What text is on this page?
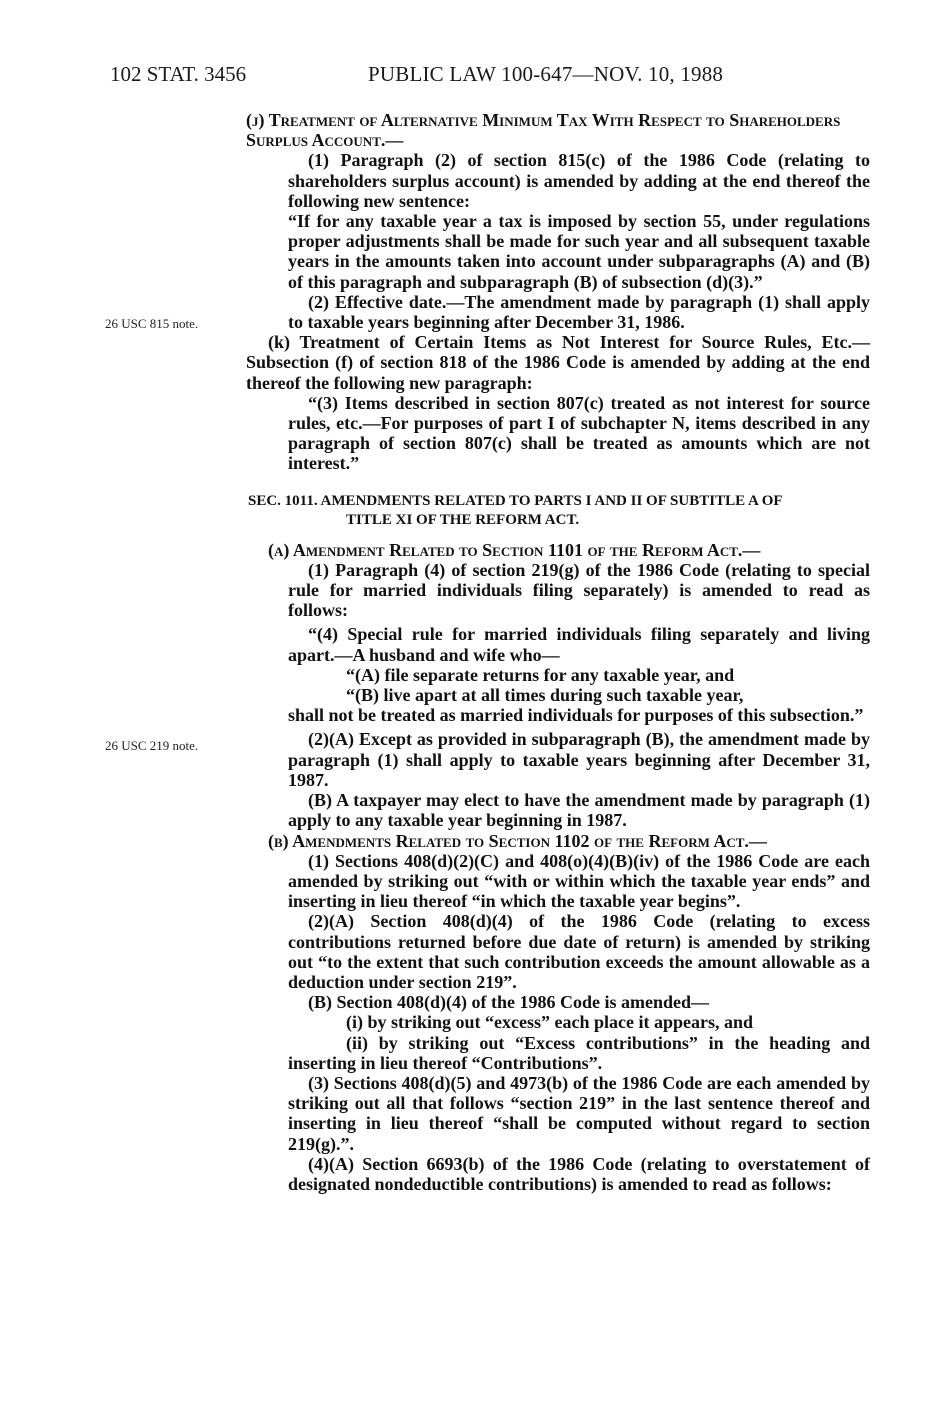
102 STAT. 3456	PUBLIC LAW 100-647—NOV. 10, 1988
26 USC 815 note.
26 USC 219 note.

(j) Treatment of Alternative Minimum Tax With Respect to Shareholders Surplus Account.—

(1) Paragraph (2) of section 815(c) of the 1986 Code (relating to shareholders surplus account) is amended by adding at the end thereof the following new sentence:

“If for any taxable year a tax is imposed by section 55, under regulations proper adjustments shall be made for such year and all subsequent taxable years in the amounts taken into account under subparagraphs (A) and (B) of this paragraph and subparagraph (B) of subsection (d)(3).”

(2) Effective date.—The amendment made by paragraph (1) shall apply to taxable years beginning after December 31, 1986.

(k) Treatment of Certain Items as Not Interest for Source Rules, Etc.—Subsection (f) of section 818 of the 1986 Code is amended by adding at the end thereof the following new paragraph:

“(3) Items described in section 807(c) treated as not interest for source rules, etc.—For purposes of part I of subchapter N, items described in any paragraph of section 807(c) shall be treated as amounts which are not interest.”

SEC. 1011. AMENDMENTS RELATED TO PARTS I AND II OF SUBTITLE A OF
TITLE XI OF THE REFORM ACT.

(a) Amendment Related to Section 1101 of the Reform Act.—

(1) Paragraph (4) of section 219(g) of the 1986 Code (relating to special rule for married individuals filing separately) is amended to read as follows:

“(4) Special rule for married individuals filing separately and living apart.—A husband and wife who—

“(A) file separate returns for any taxable year, and

“(B) live apart at all times during such taxable year,

shall not be treated as married individuals for purposes of this subsection.”

(2)(A) Except as provided in subparagraph (B), the amendment made by paragraph (1) shall apply to taxable years beginning after December 31, 1987.

(B) A taxpayer may elect to have the amendment made by paragraph (1) apply to any taxable year beginning in 1987.

(b) Amendments Related to Section 1102 of the Reform Act.—

(1) Sections 408(d)(2)(C) and 408(o)(4)(B)(iv) of the 1986 Code are each amended by striking out “with or within which the taxable year ends” and inserting in lieu thereof “in which the taxable year begins”.

(2)(A) Section 408(d)(4) of the 1986 Code (relating to excess contributions returned before due date of return) is amended by striking out “to the extent that such contribution exceeds the amount allowable as a deduction under section 219”.

(B) Section 408(d)(4) of the 1986 Code is amended—

(i) by striking out “excess” each place it appears, and

(ii) by striking out “Excess contributions” in the heading and inserting in lieu thereof “Contributions”.

(3) Sections 408(d)(5) and 4973(b) of the 1986 Code are each amended by striking out all that follows “section 219” in the last sentence thereof and inserting in lieu thereof “shall be computed without regard to section 219(g).”.

(4)(A) Section 6693(b) of the 1986 Code (relating to overstatement of designated nondeductible contributions) is amended to read as follows:
